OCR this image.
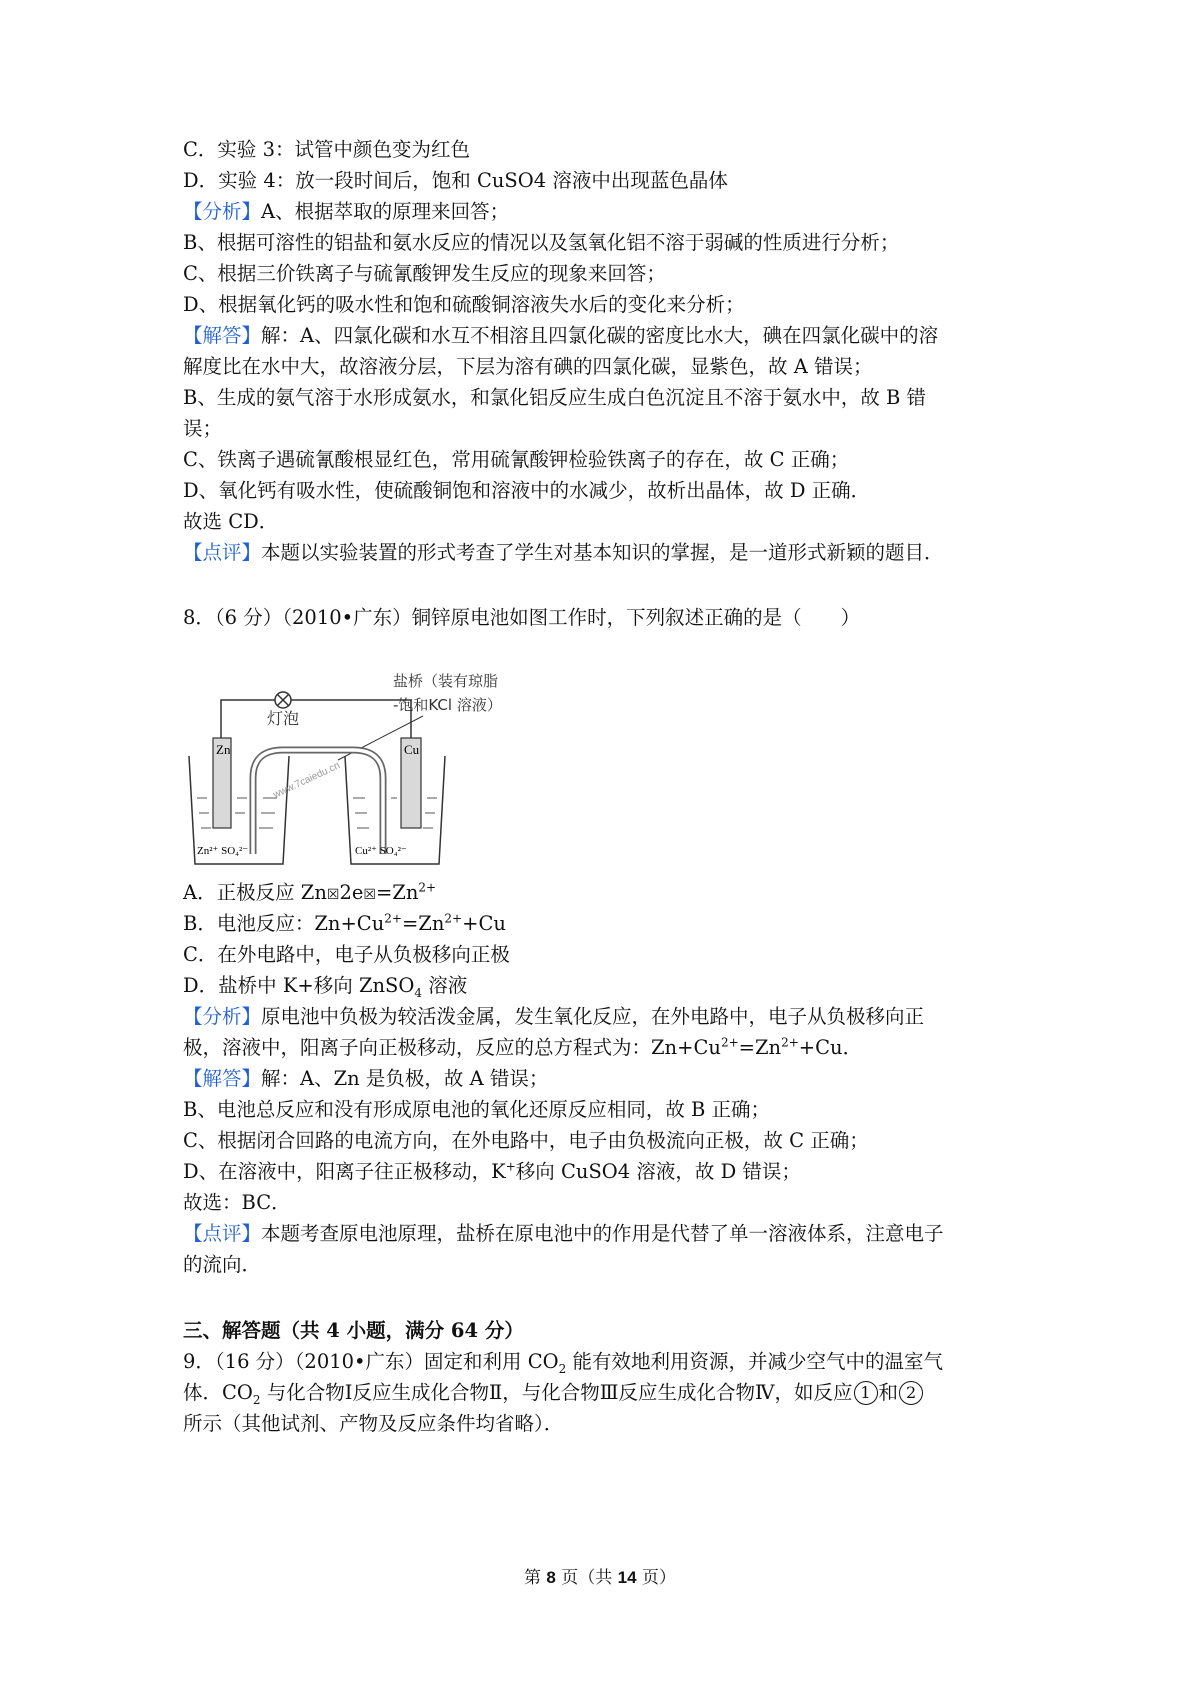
C．实验 3：试管中颜色变为红色
D．实验 4：放一段时间后，饱和 CuSO4 溶液中出现蓝色晶体
【分析】A、根据萃取的原理来回答；
B、根据可溶性的铝盐和氨水反应的情况以及氢氧化铝不溶于弱碱的性质进行分析；
C、根据三价铁离子与硫氰酸钾发生反应的现象来回答；
D、根据氧化钙的吸水性和饱和硫酸铜溶液失水后的变化来分析；
【解答】解：A、四氯化碳和水互不相溶且四氯化碳的密度比水大，碘在四氯化碳中的溶
解度比在水中大，故溶液分层，下层为溶有碘的四氯化碳，显紫色，故 A 错误；
B、生成的氨气溶于水形成氨水，和氯化铝反应生成白色沉淀且不溶于氨水中，故 B 错
误；
C、铁离子遇硫氰酸根显红色，常用硫氰酸钾检验铁离子的存在，故 C 正确；
D、氧化钙有吸水性，使硫酸铜饱和溶液中的水减少，故析出晶体，故 D 正确．
故选 CD．
【点评】本题以实验装置的形式考查了学生对基本知识的掌握，是一道形式新颖的题目．
8．（6 分）（2010•广东）铜锌原电池如图工作时，下列叙述正确的是（　　）
Zn	Cu
灯泡
盐桥（装有琼脂
-饱和KCl 溶液）
Zn²⁺ SO₄²⁻	Cu²⁺ SO₄²⁻
www.7caiedu.cn
A．正极反应 $Zn☒2e☒=Zn^{2+}$
B．电池反应：$Zn+Cu^{2+}=Zn^{2+}+Cu$
C．在外电路中，电子从负极移向正极
D．盐桥中 K+移向 ZnSO$_4$ 溶液
【分析】原电池中负极为较活泼金属，发生氧化反应，在外电路中，电子从负极移向正
极，溶液中，阳离子向正极移动，反应的总方程式为：$Zn+Cu^{2+}=Zn^{2+}+Cu$．
【解答】解：A、Zn 是负极，故 A 错误；
B、电池总反应和没有形成原电池的氧化还原反应相同，故 B 正确；
C、根据闭合回路的电流方向，在外电路中，电子由负极流向正极，故 C 正确；
D、在溶液中，阳离子往正极移动，K+移向 CuSO4 溶液，故 D 错误；
故选：BC．
【点评】本题考查原电池原理，盐桥在原电池中的作用是代替了单一溶液体系，注意电子
的流向．
三、解答题（共 4 小题，满分 64 分）
9．（16 分）（2010•广东）固定和利用 $CO_2$ 能有效地利用资源，并减少空气中的温室气
体．$CO_2$ 与化合物Ⅰ反应生成化合物Ⅱ，与化合物Ⅲ反应生成化合物Ⅳ，如反应 1 和 2
所示（其他试剂、产物及反应条件均省略）．
第 8 页（共 14 页）
